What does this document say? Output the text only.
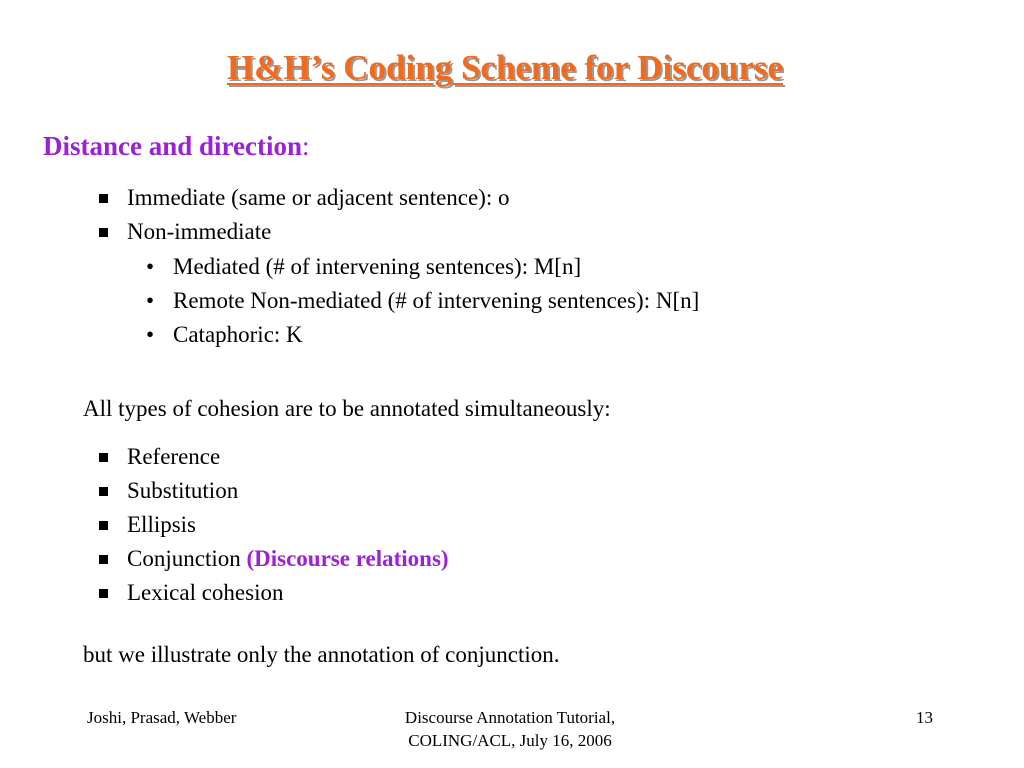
H&H’s Coding Scheme for Discourse
Distance and direction:
Immediate (same or adjacent sentence): o
Non-immediate
• Mediated (# of intervening sentences): M[n]
• Remote Non-mediated (# of intervening sentences): N[n]
• Cataphoric: K
All types of cohesion are to be annotated simultaneously:
Reference
Substitution
Ellipsis
Conjunction (Discourse relations)
Lexical cohesion
but we illustrate only the annotation of conjunction.
Joshi, Prasad, Webber	Discourse Annotation Tutorial,
COLING/ACL, July 16, 2006
13
